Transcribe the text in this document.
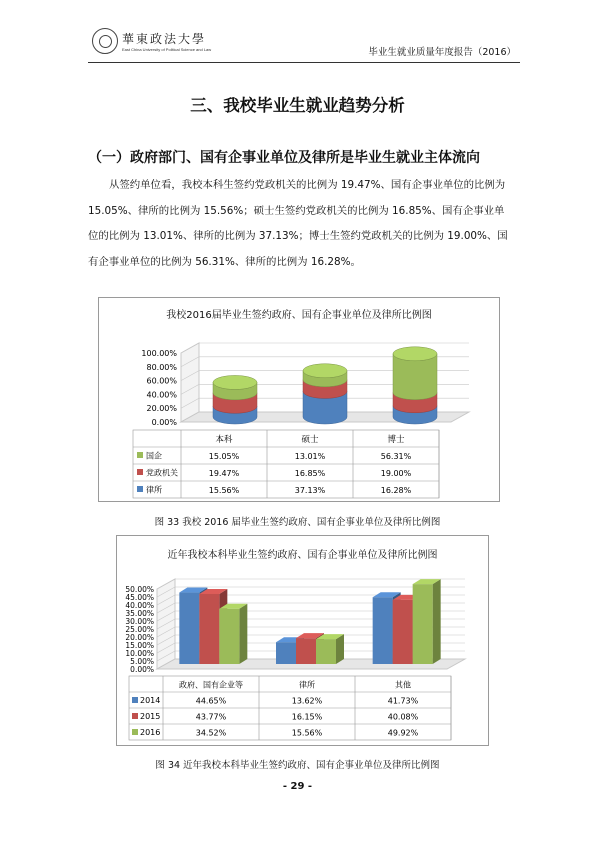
華東政法大學
East China University of Political Science and Law	毕业生就业质量年度报告（2016）
三、我校毕业生就业趋势分析
（一）政府部门、国有企事业单位及律所是毕业生就业主体流向
从签约单位看，我校本科生签约党政机关的比例为 19.47%、国有企事业单位的比例为 15.05%、律所的比例为 15.56%；硕士生签约党政机关的比例为 16.85%、国有企事业单位的比例为 13.01%、律所的比例为 37.13%；博士生签约党政机关的比例为 19.00%、国有企事业单位的比例为 56.31%、律所的比例为 16.28%。
我校2016届毕业生签约政府、国有企事业单位及律所比例图
0.00%
20.00%
40.00%
60.00%
80.00%
100.00%
本科	硕士	博士
国企	15.05%	13.01%	56.31%
党政机关	19.47%	16.85%	19.00%
律所	15.56%	37.13%	16.28%
图 33 我校 2016 届毕业生签约政府、国有企事业单位及律所比例图
近年我校本科毕业生签约政府、国有企事业单位及律所比例图
0.00%
5.00%
10.00%
15.00%
20.00%
25.00%
30.00%
35.00%
40.00%
45.00%
50.00%
政府、国有企业等	律所	其他
2014	44.65%	13.62%	41.73%
2015	43.77%	16.15%	40.08%
2016	34.52%	15.56%	49.92%
图 34 近年我校本科毕业生签约政府、国有企事业单位及律所比例图
- 29 -
